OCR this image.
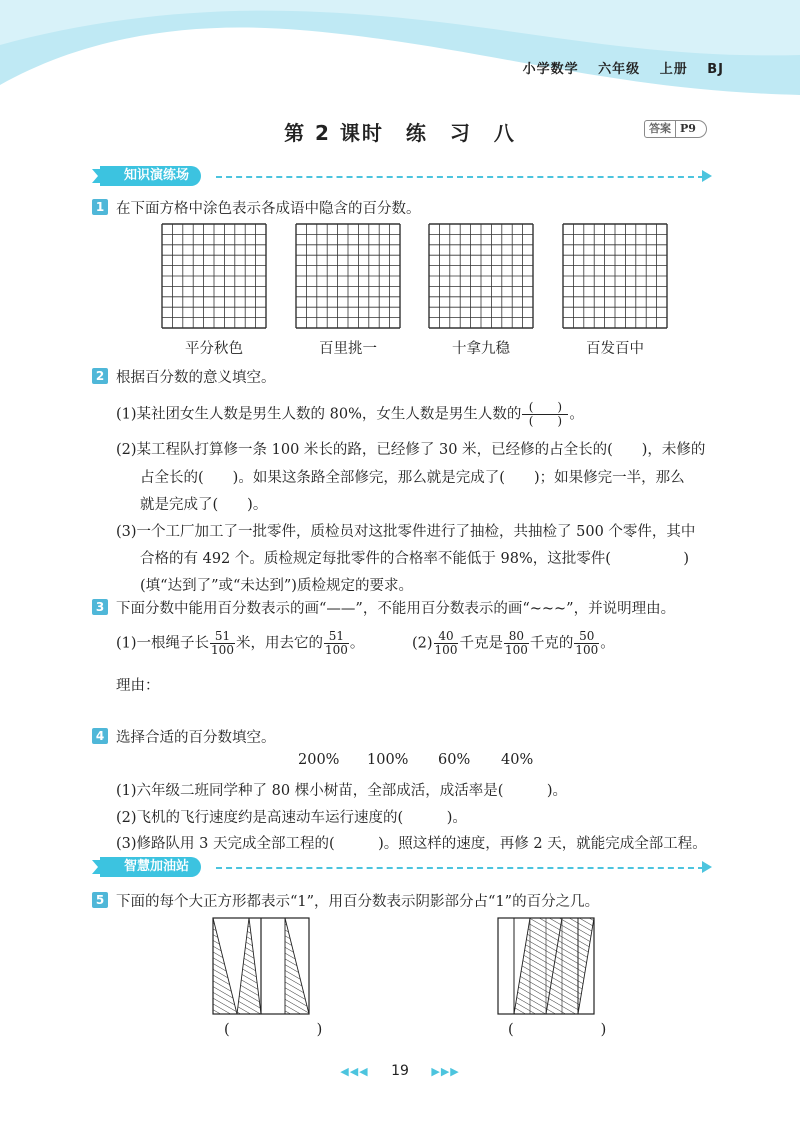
小学数学 六年级 上册 BJ
第 2 课时　练　习　八	答案 P9
知识演练场
1 在下面方格中涂色表示各成语中隐含的百分数。
平分秋色	百里挑一	十拿九稳	百发百中
2 根据百分数的意义填空。
(1)某社团女生人数是男生人数的 80%，女生人数是男生人数的 $\frac{( )}{( )}$ 。
(2)某工程队打算修一条 100 米长的路，已经修了 30 米，已经修的占全长的(　　)，未修的
占全长的(　　)。如果这条路全部修完，那么就是完成了(　　)；如果修完一半，那么
就是完成了(　　)。
(3)一个工厂加工了一批零件，质检员对这批零件进行了抽检，共抽检了 500 个零件，其中
合格的有 492 个。质检规定每批零件的合格率不能低于 98%，这批零件(　　　　　)
(填“达到了”或“未达到”)质检规定的要求。
3 下面分数中能用百分数表示的画“——”，不能用百分数表示的画“~~~”，并说明理由。
(1)一根绳子长 $\frac{51}{100}$ 米，用去它的 $\frac{51}{100}$ 。	$(2) \frac{40}{100}$ 千克是 $\frac{80}{100}$ 千克的 $\frac{50}{100}$ 。
理由：
4 选择合适的百分数填空。
200% 100% 60% 40%
(1)六年级二班同学种了 80 棵小树苗，全部成活，成活率是(　　　)。
(2)飞机的飞行速度约是高速动车运行速度的(　　　)。
(3)修路队用 3 天完成全部工程的(　　　)。照这样的速度，再修 2 天，就能完成全部工程。
智慧加油站
5 下面的每个大正方形都表示“1”，用百分数表示阴影部分占“1”的百分之几。
(　　　　　　)	(　　　　　　)
◀◀◀ 19 ▶▶▶
